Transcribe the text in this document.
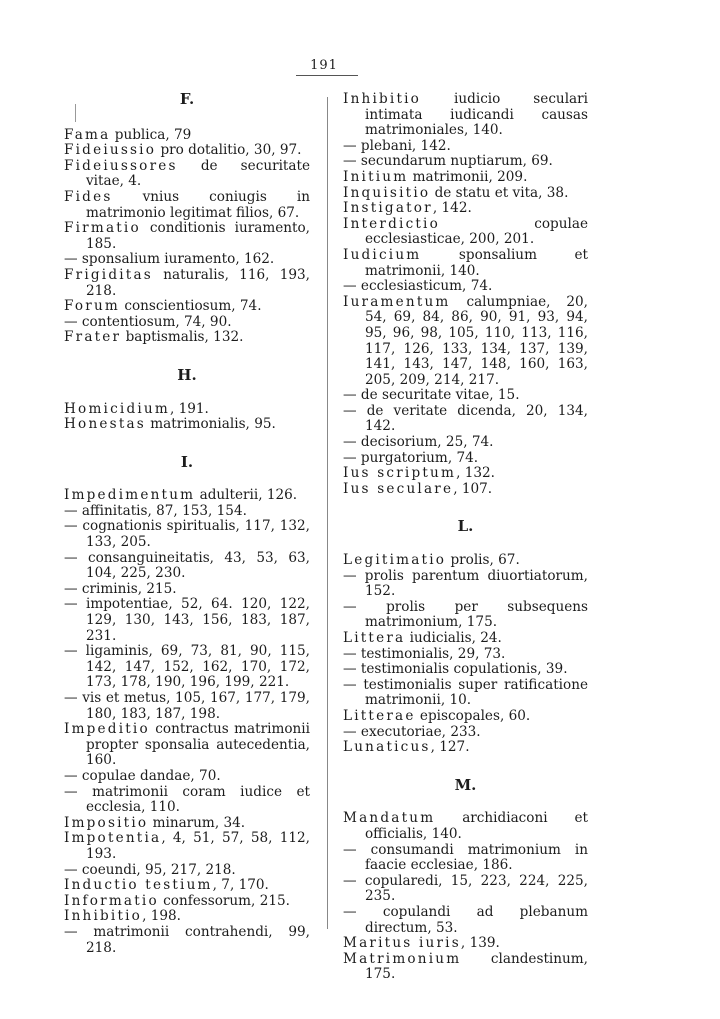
191
F.
Fama publica, 79
Fideiussio pro dotalitio, 30, 97.
Fideiussores de securitate vitae, 4.
Fides vnius coniugis in matrimonio legitimat filios, 67.
Firmatio conditionis iuramento, 185.
— sponsalium iuramento, 162.
Frigiditas naturalis, 116, 193, 218.
Forum conscientiosum, 74.
— contentiosum, 74, 90.
Frater baptismalis, 132.
H.
Homicidium, 191.
Honestas matrimonialis, 95.
I.
Impedimentum adulterii, 126.
— affinitatis, 87, 153, 154.
— cognationis spiritualis, 117, 132, 133, 205.
— consanguineitatis, 43, 53, 63, 104, 225, 230.
— criminis, 215.
— impotentiae, 52, 64. 120, 122, 129, 130, 143, 156, 183, 187, 231.
— ligaminis, 69, 73, 81, 90, 115, 142, 147, 152, 162, 170, 172, 173, 178, 190, 196, 199, 221.
— vis et metus, 105, 167, 177, 179, 180, 183, 187, 198.
Impeditio contractus matrimonii propter sponsalia autecedentia, 160.
— copulae dandae, 70.
— matrimonii coram iudice et ecclesia, 110.
Impositio minarum, 34.
Impotentia, 4, 51, 57, 58, 112, 193.
— coeundi, 95, 217, 218.
Inductio testium, 7, 170.
Informatio confessorum, 215.
Inhibitio, 198.
— matrimonii contrahendi, 99, 218.
Inhibitio iudicio seculari intimata iudicandi causas matrimoniales, 140.
— plebani, 142.
— secundarum nuptiarum, 69.
Initium matrimonii, 209.
Inquisitio de statu et vita, 38.
Instigator, 142.
Interdictio copulae ecclesiasticae, 200, 201.
Iudicium sponsalium et matrimonii, 140.
— ecclesiasticum, 74.
Iuramentum calumpniae, 20, 54, 69, 84, 86, 90, 91, 93, 94, 95, 96, 98, 105, 110, 113, 116, 117, 126, 133, 134, 137, 139, 141, 143, 147, 148, 160, 163, 205, 209, 214, 217.
— de securitate vitae, 15.
— de veritate dicenda, 20, 134, 142.
— decisorium, 25, 74.
— purgatorium, 74.
Ius scriptum, 132.
Ius seculare, 107.
L.
Legitimatio prolis, 67.
— prolis parentum diuortiatorum, 152.
— prolis per subsequens matrimonium, 175.
Littera iudicialis, 24.
— testimonialis, 29, 73.
— testimonialis copulationis, 39.
— testimonialis super ratificatione matrimonii, 10.
Litterae episcopales, 60.
— executoriae, 233.
Lunaticus, 127.
M.
Mandatum archidiaconi et officialis, 140.
— consumandi matrimonium in faacie ecclesiae, 186.
— copularedi, 15, 223, 224, 225, 235.
— copulandi ad plebanum directum, 53.
Maritus iuris, 139.
Matrimonium clandestinum, 175.
